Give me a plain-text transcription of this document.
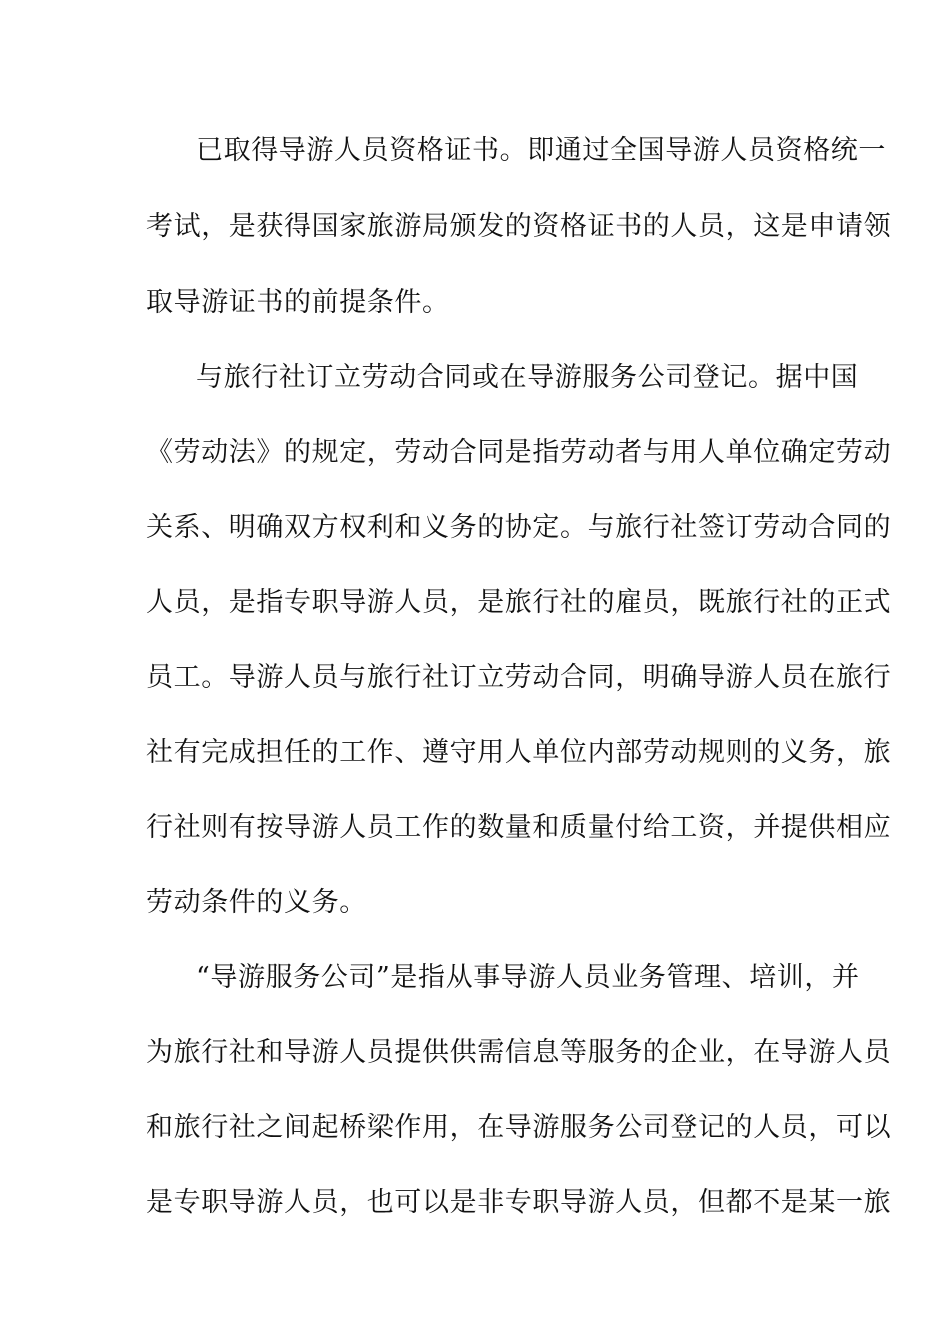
已取得导游人员资格证书。即通过全国导游人员资格统一
考试，是获得国家旅游局颁发的资格证书的人员，这是申请领
取导游证书的前提条件。
与旅行社订立劳动合同或在导游服务公司登记。据中国
《劳动法》的规定，劳动合同是指劳动者与用人单位确定劳动
关系、明确双方权利和义务的协定。与旅行社签订劳动合同的
人员，是指专职导游人员，是旅行社的雇员，既旅行社的正式
员工。导游人员与旅行社订立劳动合同，明确导游人员在旅行
社有完成担任的工作、遵守用人单位内部劳动规则的义务，旅
行社则有按导游人员工作的数量和质量付给工资，并提供相应
劳动条件的义务。
“导游服务公司”是指从事导游人员业务管理、培训，并
为旅行社和导游人员提供供需信息等服务的企业，在导游人员
和旅行社之间起桥梁作用，在导游服务公司登记的人员，可以
是专职导游人员，也可以是非专职导游人员，但都不是某一旅
